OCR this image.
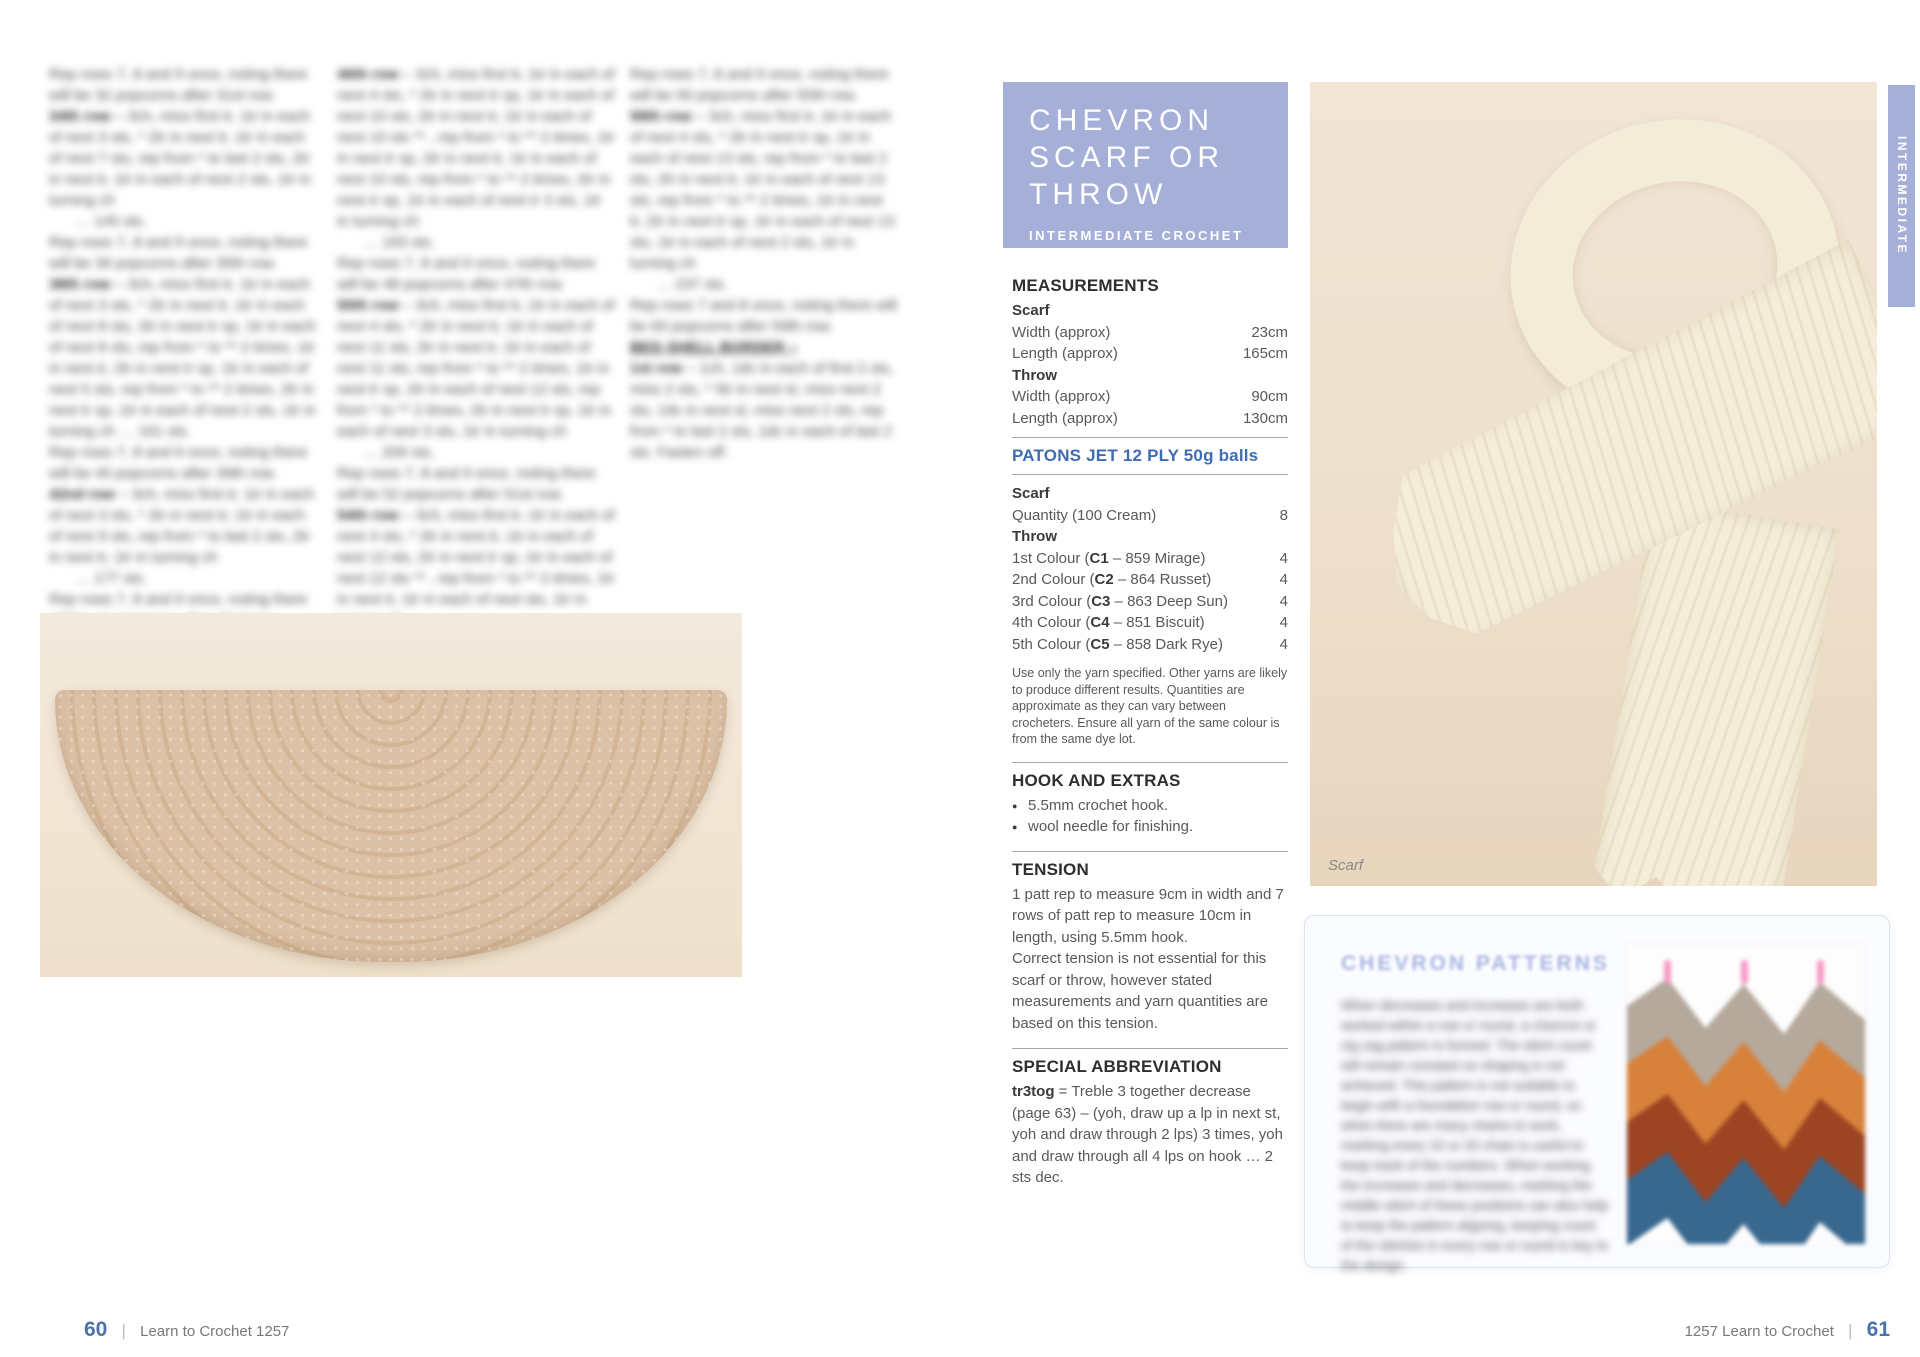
Rep rows 7, 8 and 9 once, noting there will be 32 popcorns after 31st row.

34th row – 3ch, miss first tr, 1tr in each of next 3 sts, * 2tr in next tr, 1tr in each of next 7 sts, rep from * to last 2 sts, 2tr in next tr, 1tr in each of next 2 sts, 1tr in turning ch

… 145 sts.

Rep rows 7, 8 and 9 once, noting there will be 36 popcorns after 35th row.

38th row – 3ch, miss first tr, 1tr in each of next 3 sts, * 2tr in next tr, 1tr in each of next 8 sts, 2tr in next tr sp, 1tr in each of next 8 sts, rep from * to ** 2 times, 1tr in next tr, 2tr in next tr sp, 1tr in each of next 5 sts, rep from * to ** 2 times, 2tr in next tr sp, 1tr in each of next 2 sts, 1tr in turning ch … 161 sts.

Rep rows 7, 8 and 9 once, noting there will be 40 popcorns after 39th row.

42nd row – 3ch, miss first tr, 1tr in each of next 3 sts, * 2tr in next tr, 1tr in each of next 9 sts, rep from * to last 2 sts, 2tr in next tr, 1tr in turning ch

… 177 sts.

Rep rows 7, 8 and 9 once, noting there

46th row – 3ch, miss first tr, 1tr in each of next 4 sts, * 2tr in next tr sp, 1tr in each of next 10 sts, 2tr in next tr, 1tr in each of next 10 sts ** , rep from * to ** 2 times, 1tr in next tr sp, 2tr in next tr, 1tr in each of next 10 sts, rep from * to ** 2 times, 2tr in next tr sp, 1tr in each of next tr 3 sts, 1tr in turning ch

… 193 sts.

Rep rows 7, 8 and 9 once, noting there will be 48 popcorns after 47th row.

50th row – 3ch, miss first tr, 1tr in each of next 4 sts, * 2tr in next tr, 1tr in each of next 11 sts, 2tr in next tr, 1tr in each of next 11 sts, rep from * to ** 2 times, 1tr in next tr sp, 2tr in each of next 12 sts, rep from * to ** 2 times, 2tr in next tr sp, 1tr in each of next 3 sts, 1tr in turning ch

… 209 sts.

Rep rows 7, 8 and 9 once, noting there will be 52 popcorns after 51st row.

54th row – 3ch, miss first tr, 1tr in each of next 4 sts, * 2tr in next tr, 1tr in each of next 12 sts, 2tr in next tr sp, 1tr in each of next 12 sts ** , rep from * to ** 2 times, 1tr in next tr, 1tr in each of next sts, 1tr in

Rep rows 7, 8 and 9 once, noting there will be 56 popcorns after 55th row.

58th row – 3ch, miss first tr, 1tr in each of next 4 sts, * 2tr in next tr sp, 1tr in each of next 13 sts, rep from * to last 2 sts, 2tr in next tr, 1tr in each of next 13 sts, rep from * to ** 2 times, 1tr in next tr, 2tr in next tr sp, 1tr in each of next 13 sts, 1tr in each of next 2 sts, 1tr in turning ch

… 237 sts.

Rep rows 7 and 8 once, noting there will be 60 popcorns after 59th row.

BEG SHELL BORDER –

1st row – 1ch, 1dc in each of first 2 sts, miss 2 sts, * 5tr in next st, miss next 2 sts, 1dc in next st, miss next 2 sts, rep from * to last 2 sts, 1dc in each of last 2 sts. Fasten off.

60 | Learn to Crochet 1257
CHEVRON
SCARF OR
THROW
INTERMEDIATE CROCHET
MEASUREMENTS
Scarf
Width (approx)	23cm
Length (approx)	165cm
Throw
Width (approx)	90cm
Length (approx)	130cm
PATONS JET 12 PLY 50g balls
Scarf
Quantity (100 Cream)	8
Throw
1st Colour (C1 – 859 Mirage)	4
2nd Colour (C2 – 864 Russet)	4
3rd Colour (C3 – 863 Deep Sun)	4
4th Colour (C4 – 851 Biscuit)	4
5th Colour (C5 – 858 Dark Rye)	4

Use only the yarn specified. Other yarns are likely to produce different results. Quantities are approximate as they can vary between crocheters. Ensure all yarn of the same colour is from the same dye lot.

HOOK AND EXTRAS
● 5.5mm crochet hook.
● wool needle for finishing.
TENSION

1 patt rep to measure 9cm in width and 7 rows of patt rep to measure 10cm in length, using 5.5mm hook.

Correct tension is not essential for this scarf or throw, however stated measurements and yarn quantities are based on this tension.

SPECIAL ABBREVIATION

tr3tog = Treble 3 together decrease (page 63) – (yoh, draw up a lp in next st, yoh and draw through 2 lps) 3 times, yoh and draw through all 4 lps on hook … 2 sts dec.

Scarf
INTERMEDIATE
CHEVRON PATTERNS
When decreases and increases are both worked within a row or round, a chevron or zig zag pattern is formed. The stitch count will remain constant so shaping is not achieved. This pattern is not suitable to begin with a foundation row or round, so when there are many chains to work, marking every 10 or 20 chain is useful to keep track of the numbers. When working the increases and decreases, marking the middle stitch of these positions can also help to keep the pattern aligning, keeping count of the stitches in every row or round is key to the design.
1257 Learn to Crochet | 61
